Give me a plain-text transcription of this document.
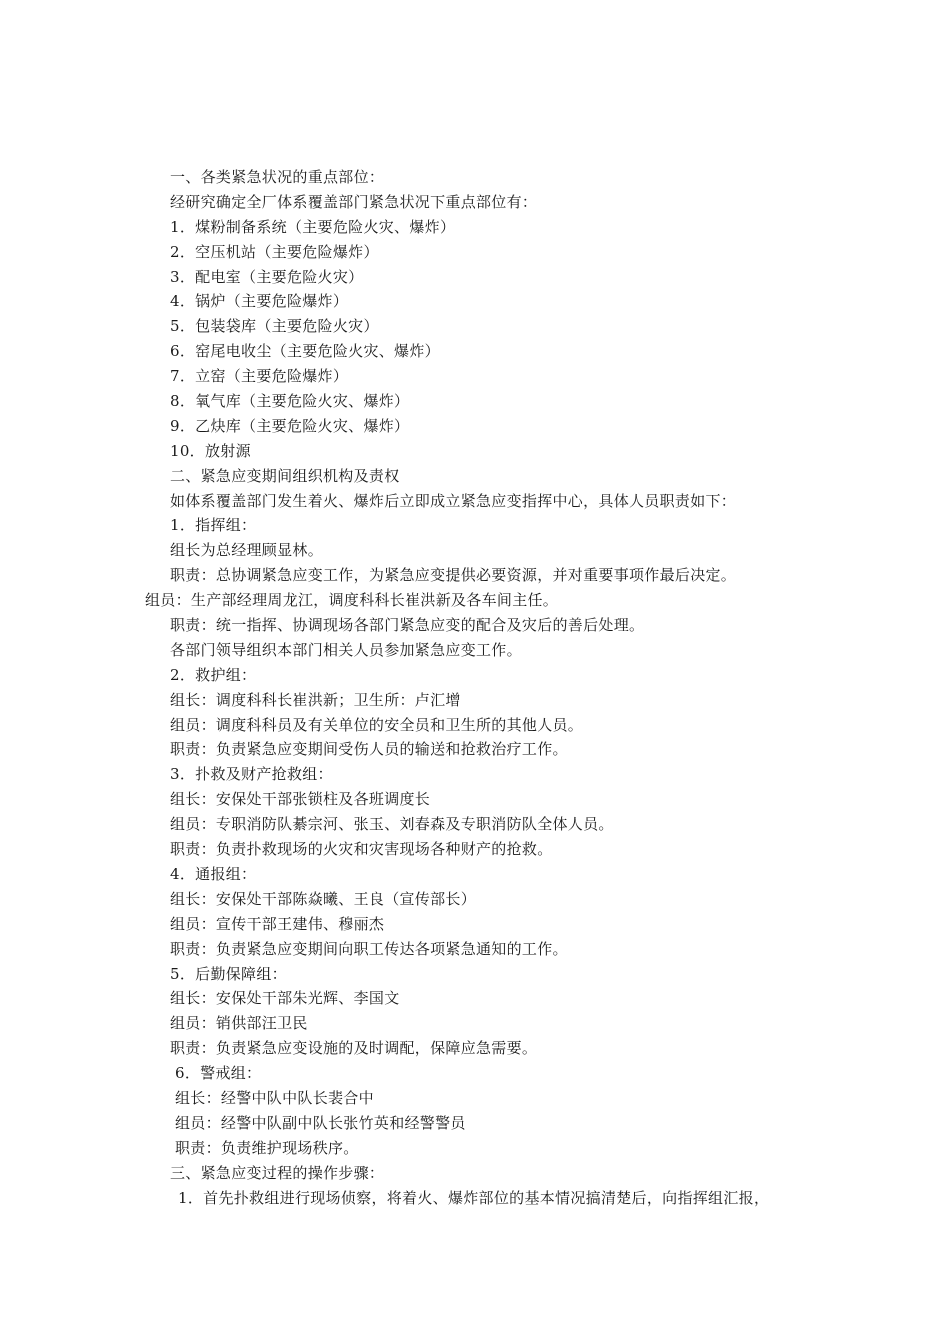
一、各类紧急状况的重点部位：
经研究确定全厂体系覆盖部门紧急状况下重点部位有：
1．煤粉制备系统（主要危险火灾、爆炸）
2．空压机站（主要危险爆炸）
3．配电室（主要危险火灾）
4．锅炉（主要危险爆炸）
5．包装袋库（主要危险火灾）
6．窑尾电收尘（主要危险火灾、爆炸）
7．立窑（主要危险爆炸）
8．氧气库（主要危险火灾、爆炸）
9．乙炔库（主要危险火灾、爆炸）
10．放射源
二、紧急应变期间组织机构及责权
如体系覆盖部门发生着火、爆炸后立即成立紧急应变指挥中心，具体人员职责如下：
1．指挥组：
组长为总经理顾显林。
职责：总协调紧急应变工作，为紧急应变提供必要资源，并对重要事项作最后决定。
组员：生产部经理周龙江，调度科科长崔洪新及各车间主任。
职责：统一指挥、协调现场各部门紧急应变的配合及灾后的善后处理。
各部门领导组织本部门相关人员参加紧急应变工作。
2．救护组：
组长：调度科科长崔洪新；卫生所：卢汇增
组员：调度科科员及有关单位的安全员和卫生所的其他人员。
职责：负责紧急应变期间受伤人员的输送和抢救治疗工作。
3．扑救及财产抢救组：
组长：安保处干部张锁柱及各班调度长
组员：专职消防队綦宗河、张玉、刘春森及专职消防队全体人员。
职责：负责扑救现场的火灾和灾害现场各种财产的抢救。
4．通报组：
组长：安保处干部陈焱曦、王良（宣传部长）
组员：宣传干部王建伟、穆丽杰
职责：负责紧急应变期间向职工传达各项紧急通知的工作。
5．后勤保障组：
组长：安保处干部朱光辉、李国文
组员：销供部汪卫民
职责：负责紧急应变设施的及时调配，保障应急需要。
6．警戒组：
组长：经警中队中队长裴合中
组员：经警中队副中队长张竹英和经警警员
职责：负责维护现场秩序。
三、紧急应变过程的操作步骤：
1．首先扑救组进行现场侦察，将着火、爆炸部位的基本情况搞清楚后，向指挥组汇报，
